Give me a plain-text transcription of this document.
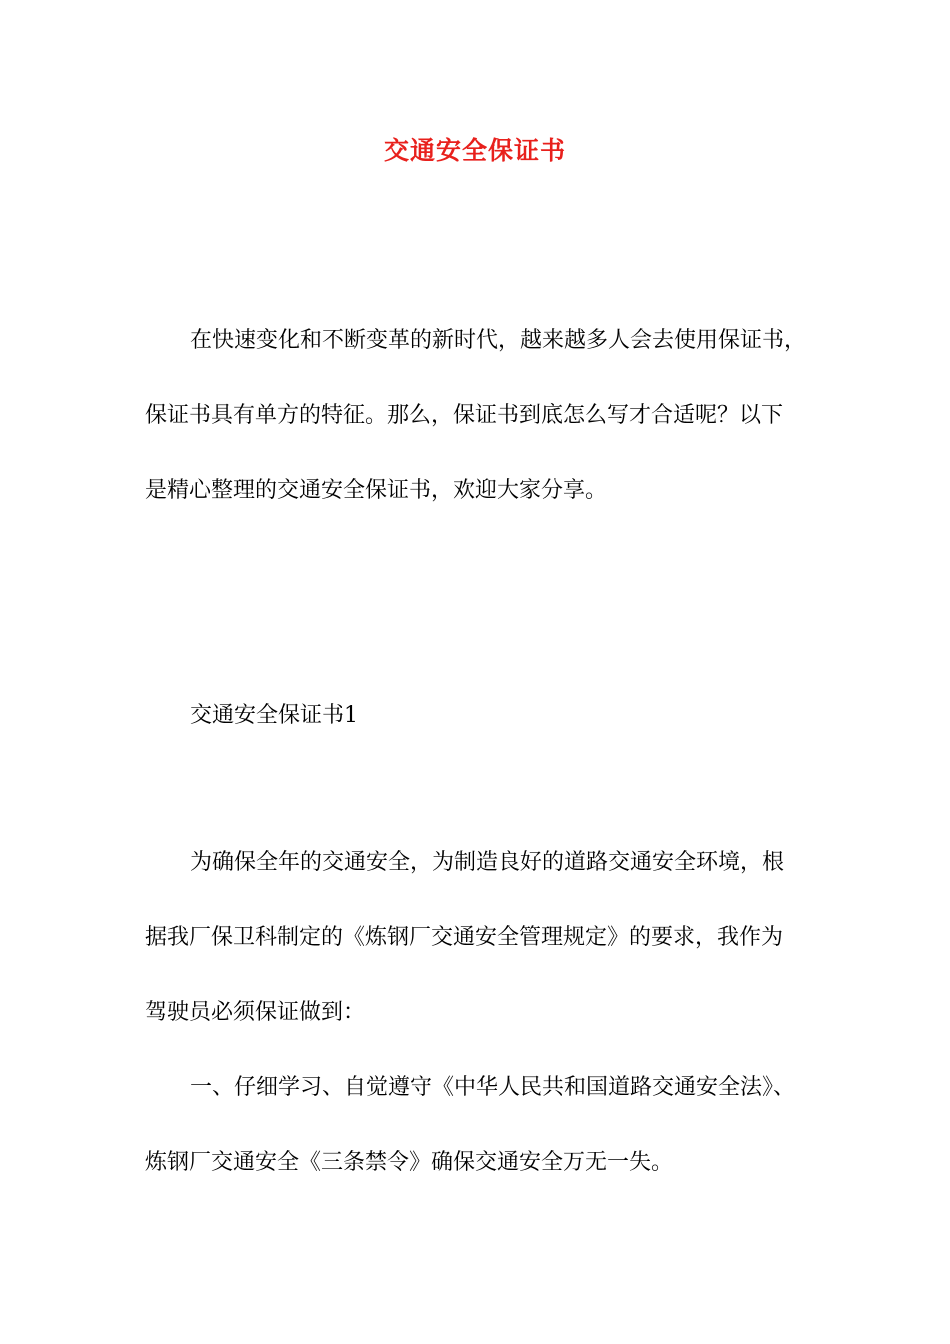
交通安全保证书
在快速变化和不断变革的新时代，越来越多人会去使用保证书，
保证书具有单方的特征。那么，保证书到底怎么写才合适呢？以下
是精心整理的交通安全保证书，欢迎大家分享。
交通安全保证书1
为确保全年的交通安全，为制造良好的道路交通安全环境，根
据我厂保卫科制定的《炼钢厂交通安全管理规定》的要求，我作为
驾驶员必须保证做到：
一、仔细学习、自觉遵守《中华人民共和国道路交通安全法》、
炼钢厂交通安全《三条禁令》确保交通安全万无一失。
